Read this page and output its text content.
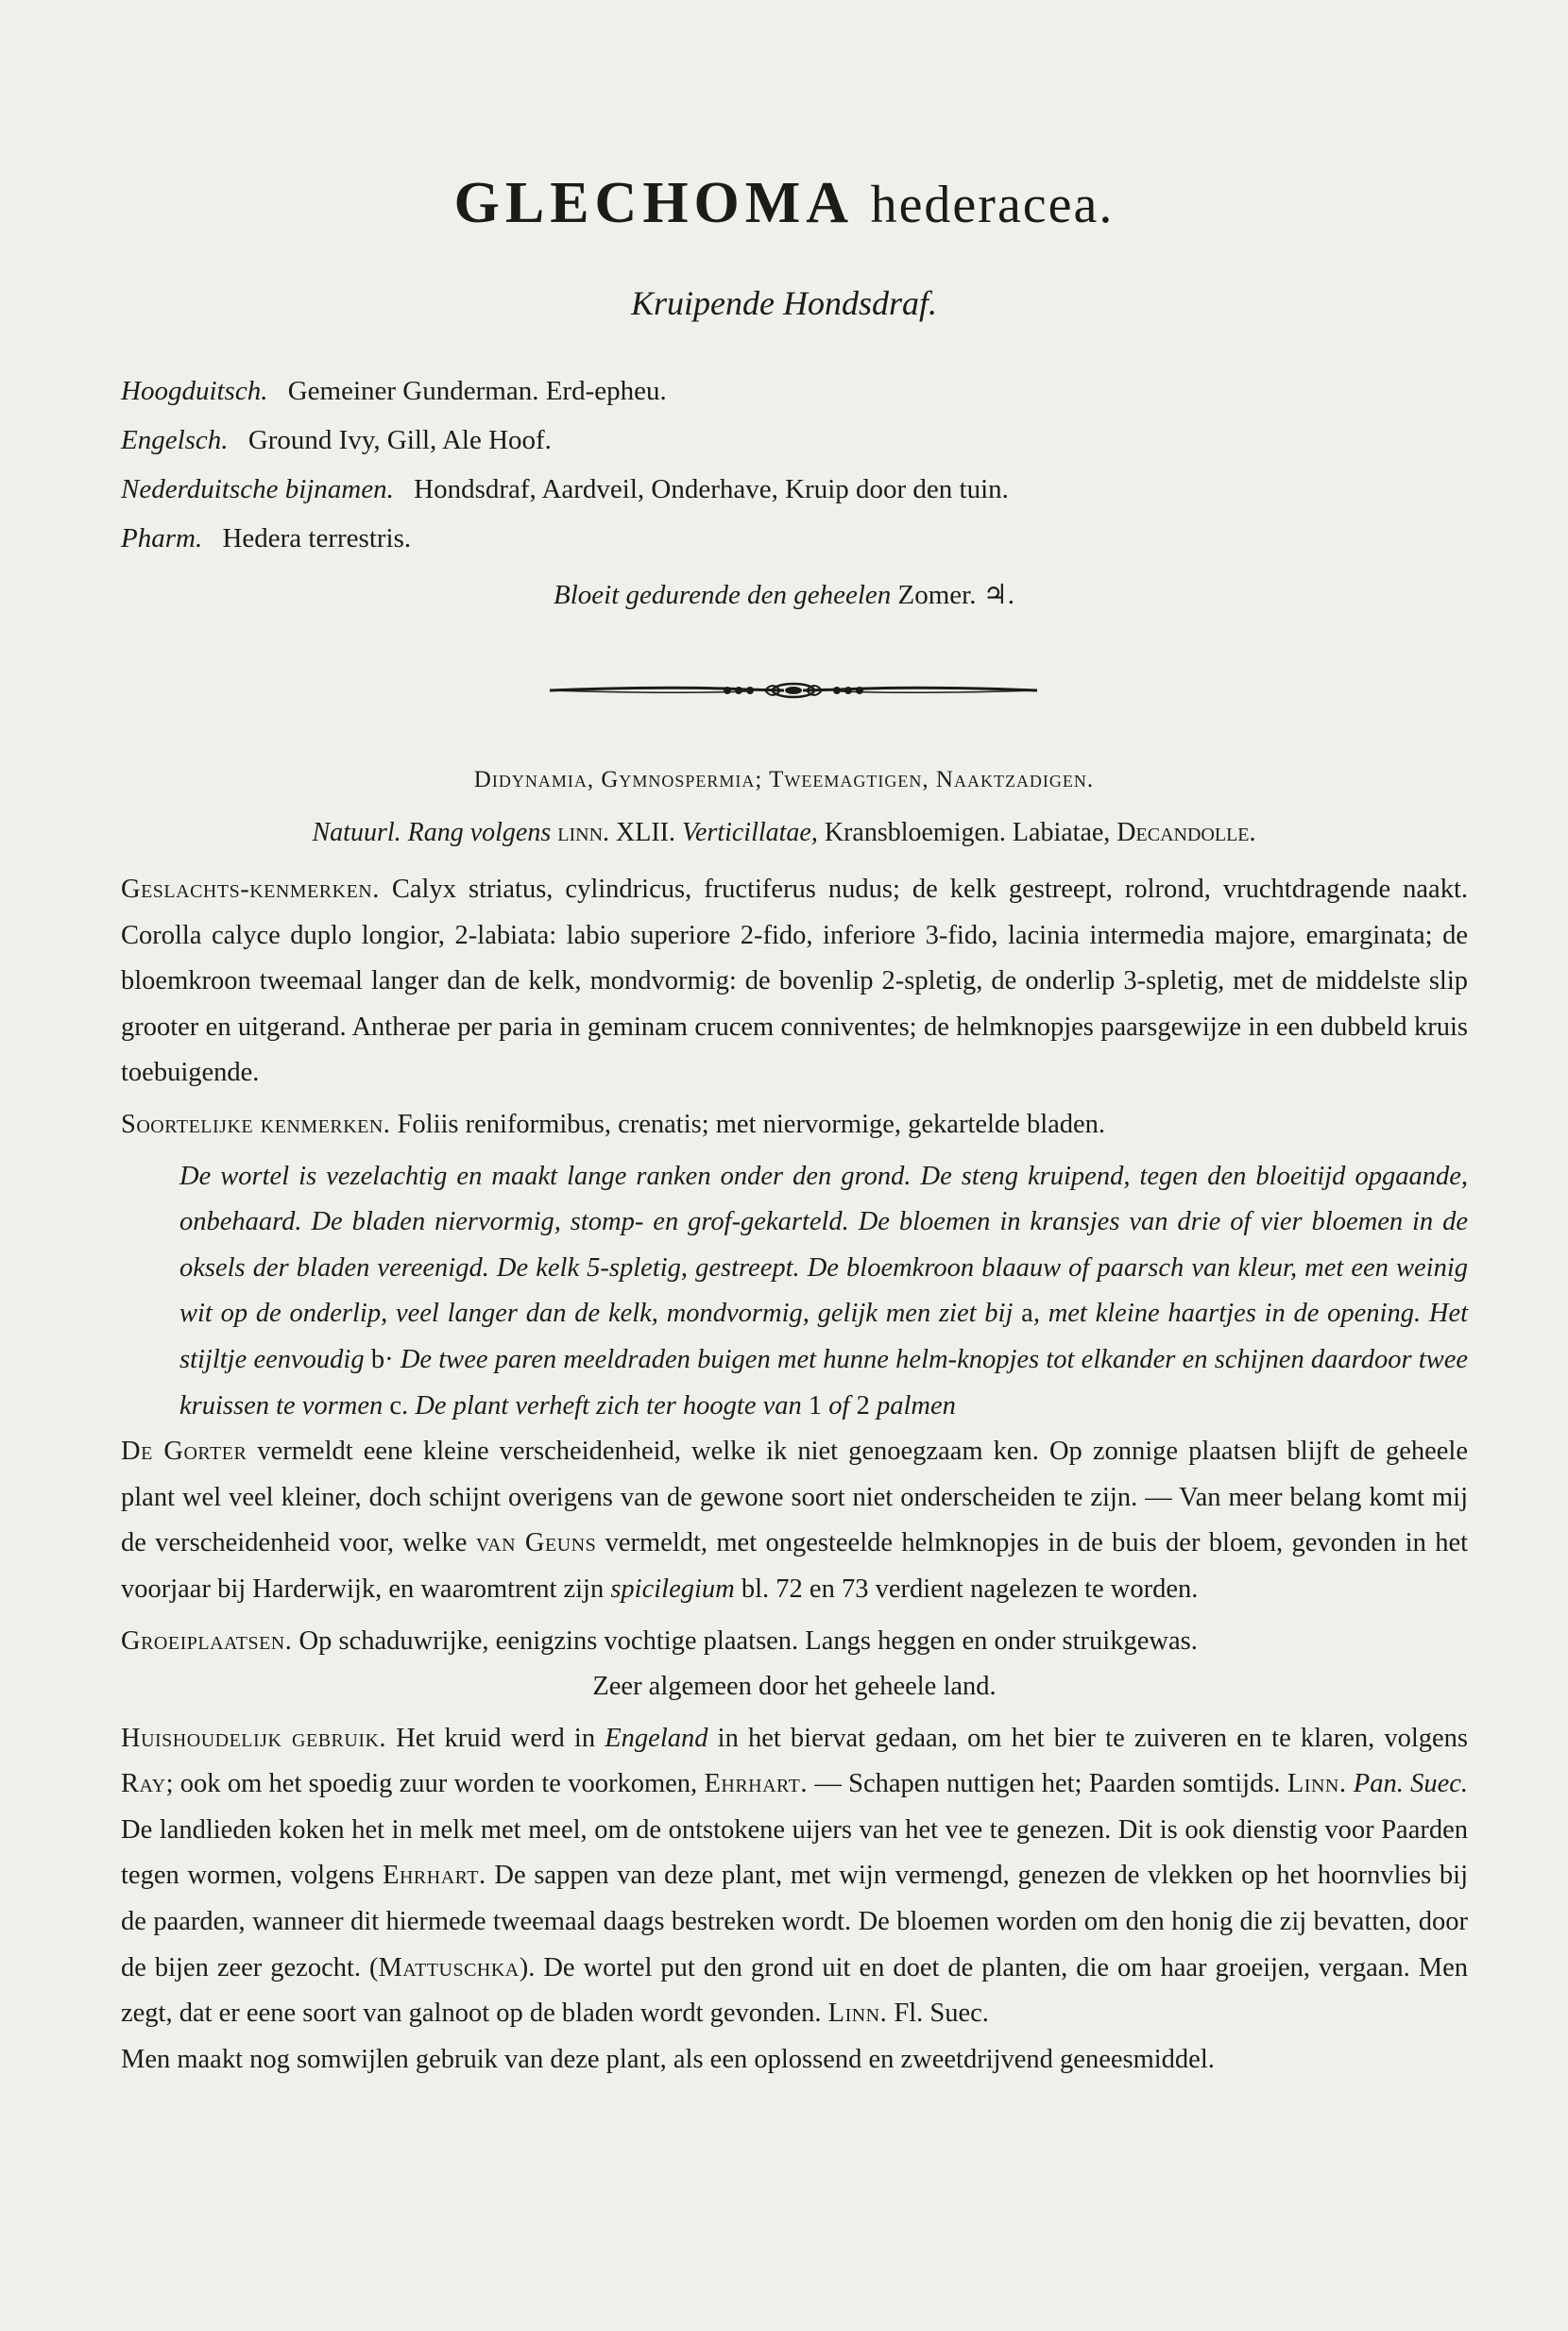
GLECHOMA hederacea.
Kruipende Hondsdraf.
Hoogduitsch. Gemeiner Gunderman. Erd-epheu.
Engelsch. Ground Ivy, Gill, Ale Hoof.
Nederduitsche bijnamen. Hondsdraf, Aardveil, Onderhave, Kruip door den tuin.
Pharm. Hedera terrestris.
Bloeit gedurende den geheelen Zomer. ♃.
Didynamia, Gymnospermia; Tweemagtigen, Naaktzadigen.
Natuurl. Rang volgens linn. XLII. Verticillatae, Kransbloemigen. Labiatae, Decandolle.

Geslachts-kenmerken. Calyx striatus, cylindricus, fructiferus nudus; de kelk gestreept, rolrond, vruchtdragende naakt. Corolla calyce duplo longior, 2-labiata: labio superiore 2-fido, inferiore 3-fido, lacinia intermedia majore, emarginata; de bloemkroon tweemaal langer dan de kelk, mondvormig: de bovenlip 2-spletig, de onderlip 3-spletig, met de middelste slip grooter en uitgerand. Antherae per paria in geminam crucem conniventes; de helmknopjes paarsgewijze in een dubbeld kruis toebuigende.

Soortelijke kenmerken. Foliis reniformibus, crenatis; met niervormige, gekartelde bladen.

De wortel is vezelachtig en maakt lange ranken onder den grond. De steng kruipend, tegen den bloeitijd opgaande, onbehaard. De bladen niervormig, stomp- en grof-gekarteld. De bloemen in kransjes van drie of vier bloemen in de oksels der bladen vereenigd. De kelk 5-spletig, gestreept. De bloemkroon blaauw of paarsch van kleur, met een weinig wit op de onderlip, veel langer dan de kelk, mondvormig, gelijk men ziet bij a, met kleine haartjes in de opening. Het stijltje eenvoudig b· De twee paren meeldraden buigen met hunne helm-knopjes tot elkander en schijnen daardoor twee kruissen te vormen c. De plant verheft zich ter hoogte van 1 of 2 palmen

De Gorter vermeldt eene kleine verscheidenheid, welke ik niet genoegzaam ken. Op zonnige plaatsen blijft de geheele plant wel veel kleiner, doch schijnt overigens van de gewone soort niet onderscheiden te zijn. — Van meer belang komt mij de verscheidenheid voor, welke van Geuns vermeldt, met ongesteelde helmknopjes in de buis der bloem, gevonden in het voorjaar bij Harderwijk, en waaromtrent zijn spicilegium bl. 72 en 73 verdient nagelezen te worden.

Groeiplaatsen. Op schaduwrijke, eenigzins vochtige plaatsen. Langs heggen en onder struikgewas.

Zeer algemeen door het geheele land.

Huishoudelijk gebruik. Het kruid werd in Engeland in het biervat gedaan, om het bier te zuiveren en te klaren, volgens Ray; ook om het spoedig zuur worden te voorkomen, Ehrhart. — Schapen nuttigen het; Paarden somtijds. Linn. Pan. Suec. De landlieden koken het in melk met meel, om de ontstokene uijers van het vee te genezen. Dit is ook dienstig voor Paarden tegen wormen, volgens Ehrhart. De sappen van deze plant, met wijn vermengd, genezen de vlekken op het hoornvlies bij de paarden, wanneer dit hiermede tweemaal daags bestreken wordt. De bloemen worden om den honig die zij bevatten, door de bijen zeer gezocht. (Mattuschka). De wortel put den grond uit en doet de planten, die om haar groeijen, vergaan. Men zegt, dat er eene soort van galnoot op de bladen wordt gevonden. Linn. Fl. Suec.

Men maakt nog somwijlen gebruik van deze plant, als een oplossend en zweetdrijvend geneesmiddel.
